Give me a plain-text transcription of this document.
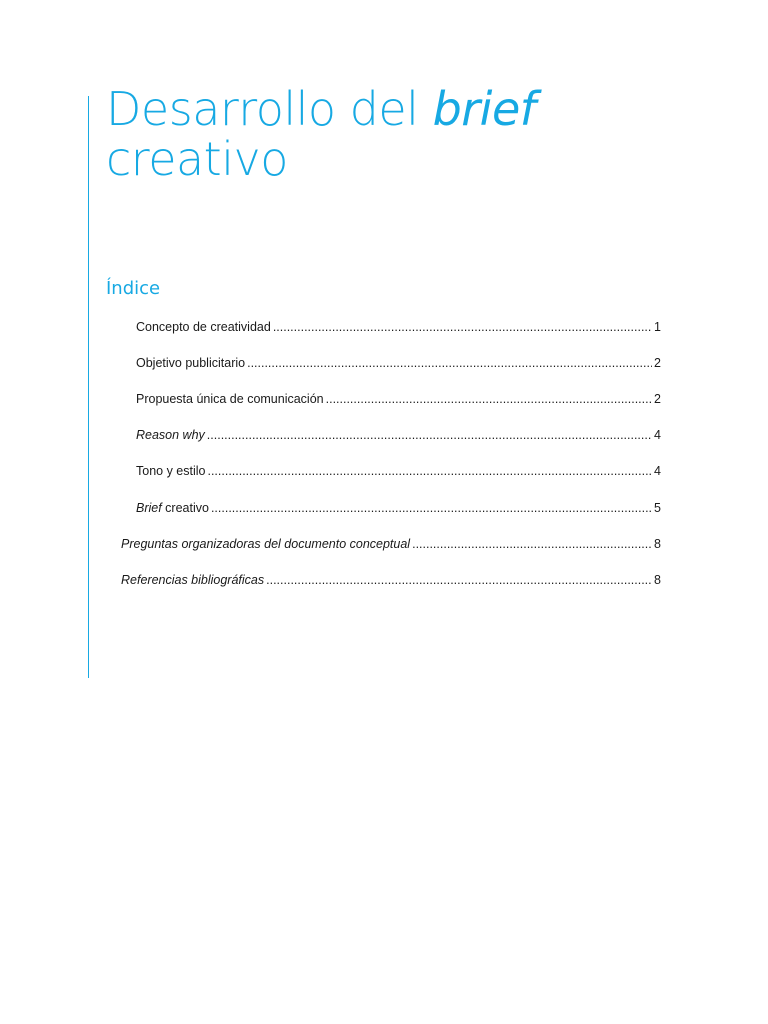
Desarrollo del brief
creativo
Índice
Concepto de creatividad .....	1
Objetivo publicitario .....	2
Propuesta única de comunicación .....	2
Reason why .....	4
Tono y estilo .....	4
Brief creativo .....	5
Preguntas organizadoras del documento conceptual .....	8
Referencias bibliográficas .....	8
